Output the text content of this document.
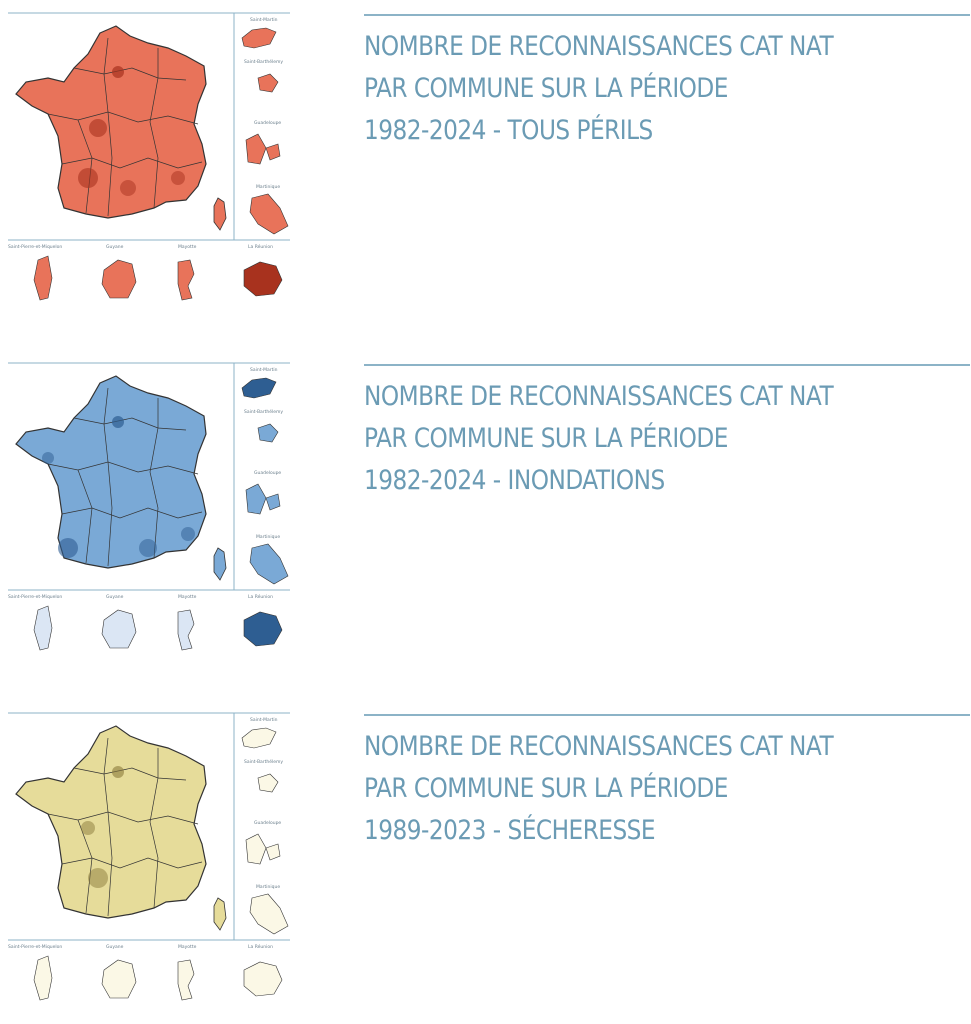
Saint-Martin
Saint-Barthélemy
Guadeloupe
Martinique
Saint-Pierre-et-Miquelon	Guyane	Mayotte	La Réunion
NOMBRE DE RECONNAISSANCES CAT NAT
PAR COMMUNE SUR LA PÉRIODE
1982-2024 - TOUS PÉRILS
Saint-Martin
Saint-Barthélemy
Guadeloupe
Martinique
Saint-Pierre-et-Miquelon	Guyane	Mayotte	La Réunion
NOMBRE DE RECONNAISSANCES CAT NAT
PAR COMMUNE SUR LA PÉRIODE
1982-2024 - INONDATIONS
Saint-Martin
Saint-Barthélemy
Guadeloupe
Martinique
Saint-Pierre-et-Miquelon	Guyane	Mayotte	La Réunion
NOMBRE DE RECONNAISSANCES CAT NAT
PAR COMMUNE SUR LA PÉRIODE
1989-2023 - SÉCHERESSE
